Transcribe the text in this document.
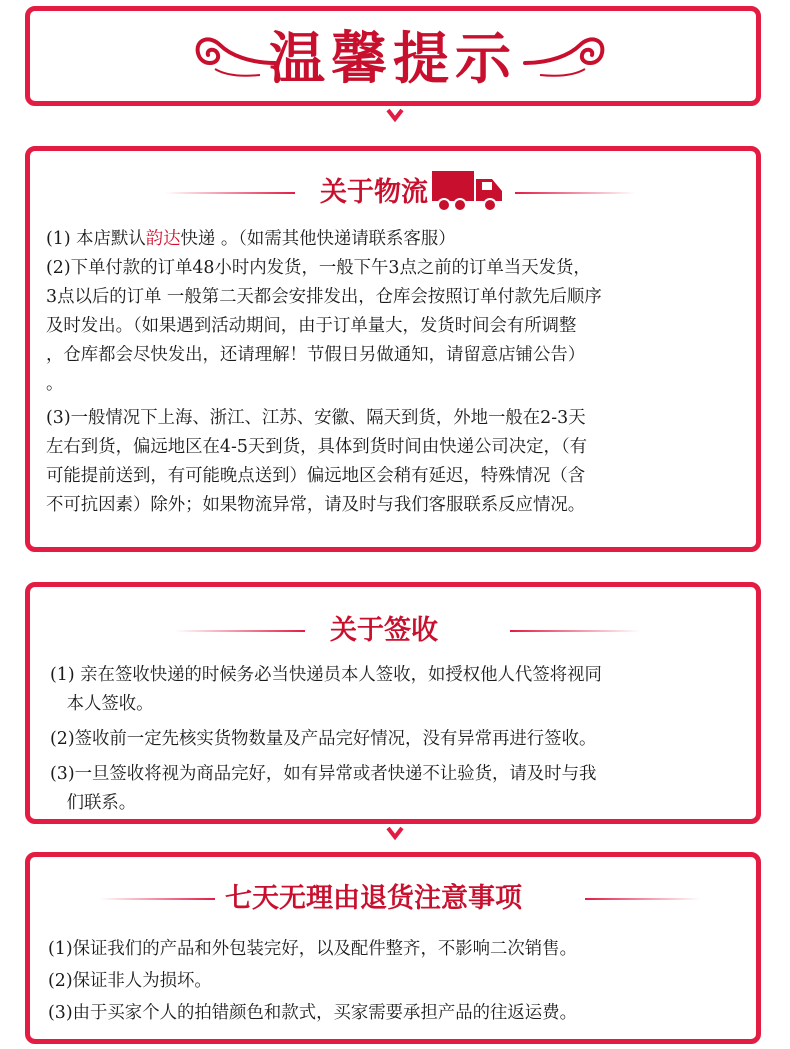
温馨提示
关于物流
(1) 本店默认韵达快递 。（如需其他快递请联系客服）
(2)下单付款的订单48小时内发货，一般下午3点之前的订单当天发货，
3点以后的订单 一般第二天都会安排发出，仓库会按照订单付款先后顺序
及时发出。（如果遇到活动期间，由于订单量大，发货时间会有所调整
，仓库都会尽快发出，还请理解！节假日另做通知，请留意店铺公告）
。
(3)一般情况下上海、浙江、江苏、安徽、隔天到货，外地一般在2-3天
左右到货，偏远地区在4-5天到货，具体到货时间由快递公司决定，（有
可能提前送到，有可能晚点送到）偏远地区会稍有延迟，特殊情况（含
不可抗因素）除外；如果物流异常，请及时与我们客服联系反应情况。
关于签收
(1) 亲在签收快递的时候务必当快递员本人签收，如授权他人代签将视同
本人签收。
(2)签收前一定先核实货物数量及产品完好情况，没有异常再进行签收。
(3)一旦签收将视为商品完好，如有异常或者快递不让验货，请及时与我
们联系。
七天无理由退货注意事项
(1)保证我们的产品和外包装完好，以及配件整齐，不影响二次销售。
(2)保证非人为损坏。
(3)由于买家个人的拍错颜色和款式，买家需要承担产品的往返运费。
